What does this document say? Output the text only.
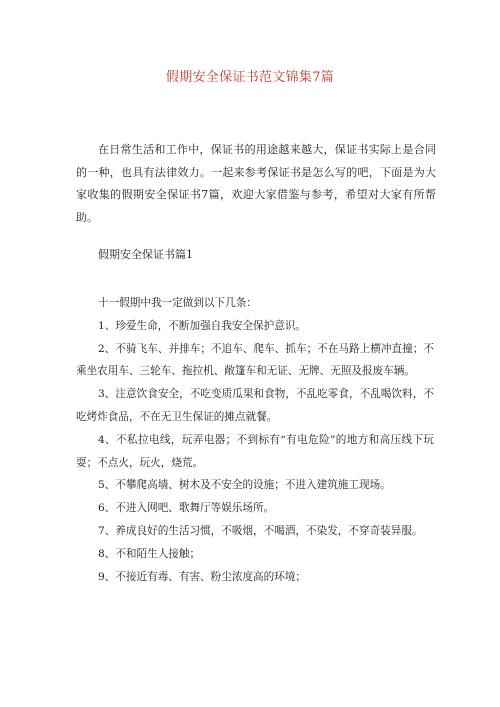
假期安全保证书范文锦集7篇

在日常生活和工作中，保证书的用途越来越大，保证书实际上是合同的一种，也具有法律效力。一起来参考保证书是怎么写的吧，下面是为大家收集的假期安全保证书7篇，欢迎大家借鉴与参考，希望对大家有所帮助。

假期安全保证书篇1

十一假期中我一定做到以下几条：
1、珍爱生命，不断加强自我安全保护意识。
2、不骑飞车、并排车；不追车、爬车、抓车；不在马路上横冲直撞；不乘坐农用车、三轮车、拖拉机、敞篷车和无证、无牌、无照及报废车辆。
3、注意饮食安全，不吃变质瓜果和食物，不乱吃零食，不乱喝饮料，不吃烤炸食品，不在无卫生保证的摊点就餐。
4、不私拉电线，玩弄电器；不到标有“有电危险”的地方和高压线下玩耍；不点火，玩火，烧荒。
5、不攀爬高墙、树木及不安全的设施；不进入建筑施工现场。
6、不进入网吧、歌舞厅等娱乐场所。
7、养成良好的生活习惯，不吸烟，不喝酒，不染发，不穿奇装异服。
8、不和陌生人接触；
9、不接近有毒、有害、粉尘浓度高的环境；
